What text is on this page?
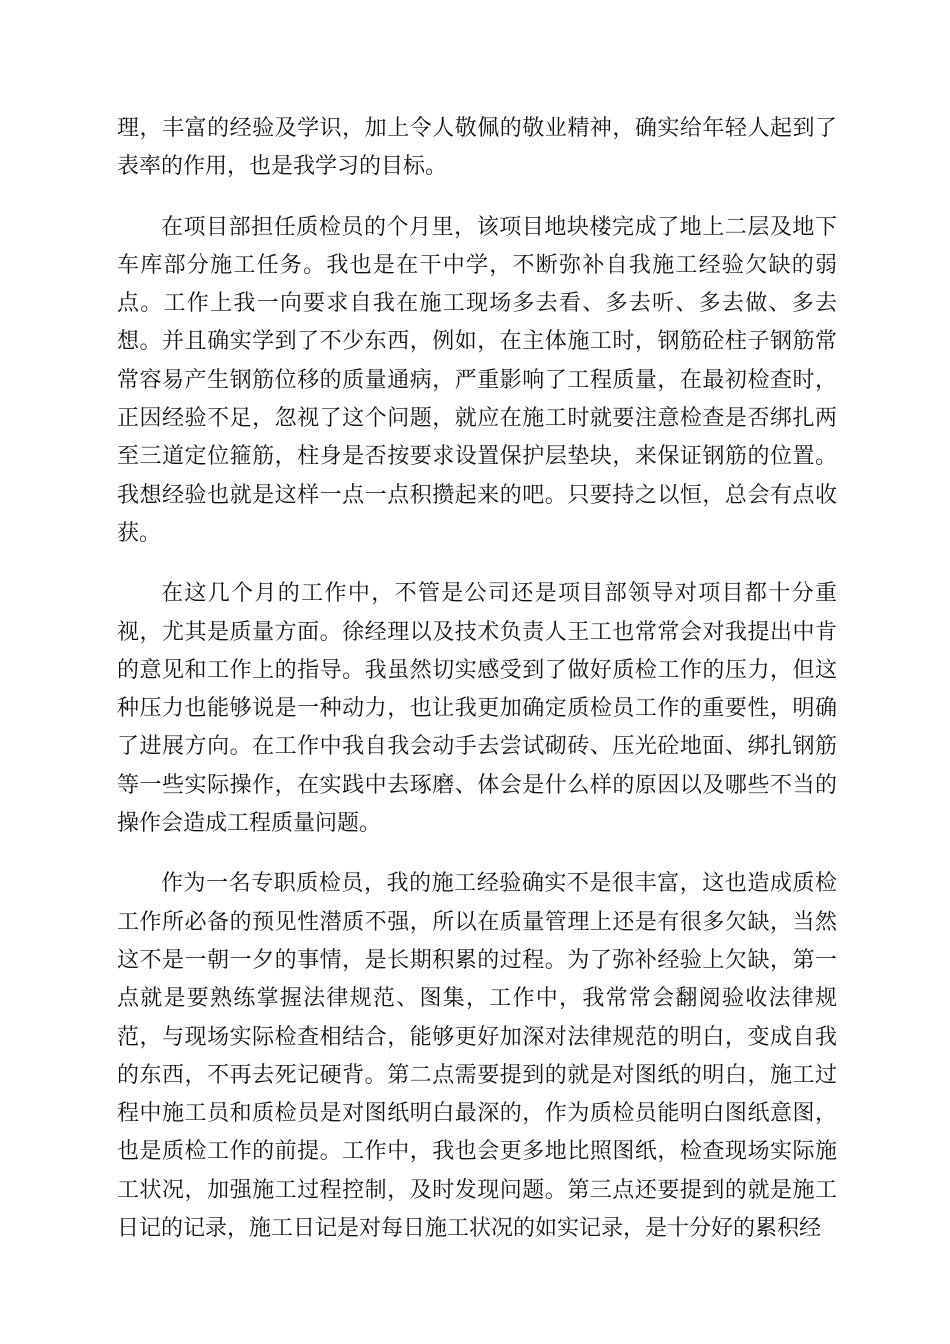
理，丰富的经验及学识，加上令人敬佩的敬业精神，确实给年轻人起到了表率的作用，也是我学习的目标。

在项目部担任质检员的个月里，该项目地块楼完成了地上二层及地下车库部分施工任务。我也是在干中学，不断弥补自我施工经验欠缺的弱点。工作上我一向要求自我在施工现场多去看、多去听、多去做、多去想。并且确实学到了不少东西，例如，在主体施工时，钢筋砼柱子钢筋常常容易产生钢筋位移的质量通病，严重影响了工程质量，在最初检查时，正因经验不足，忽视了这个问题，就应在施工时就要注意检查是否绑扎两至三道定位箍筋，柱身是否按要求设置保护层垫块，来保证钢筋的位置。我想经验也就是这样一点一点积攒起来的吧。只要持之以恒，总会有点收获。

在这几个月的工作中，不管是公司还是项目部领导对项目都十分重视，尤其是质量方面。徐经理以及技术负责人王工也常常会对我提出中肯的意见和工作上的指导。我虽然切实感受到了做好质检工作的压力，但这种压力也能够说是一种动力，也让我更加确定质检员工作的重要性，明确了进展方向。在工作中我自我会动手去尝试砌砖、压光砼地面、绑扎钢筋等一些实际操作，在实践中去琢磨、体会是什么样的原因以及哪些不当的操作会造成工程质量问题。

作为一名专职质检员，我的施工经验确实不是很丰富，这也造成质检工作所必备的预见性潜质不强，所以在质量管理上还是有很多欠缺，当然这不是一朝一夕的事情，是长期积累的过程。为了弥补经验上欠缺，第一点就是要熟练掌握法律规范、图集，工作中，我常常会翻阅验收法律规范，与现场实际检查相结合，能够更好加深对法律规范的明白，变成自我的东西，不再去死记硬背。第二点需要提到的就是对图纸的明白，施工过程中施工员和质检员是对图纸明白最深的，作为质检员能明白图纸意图，也是质检工作的前提。工作中，我也会更多地比照图纸，检查现场实际施工状况，加强施工过程控制，及时发现问题。第三点还要提到的就是施工日记的记录，施工日记是对每日施工状况的如实记录，是十分好的累积经
